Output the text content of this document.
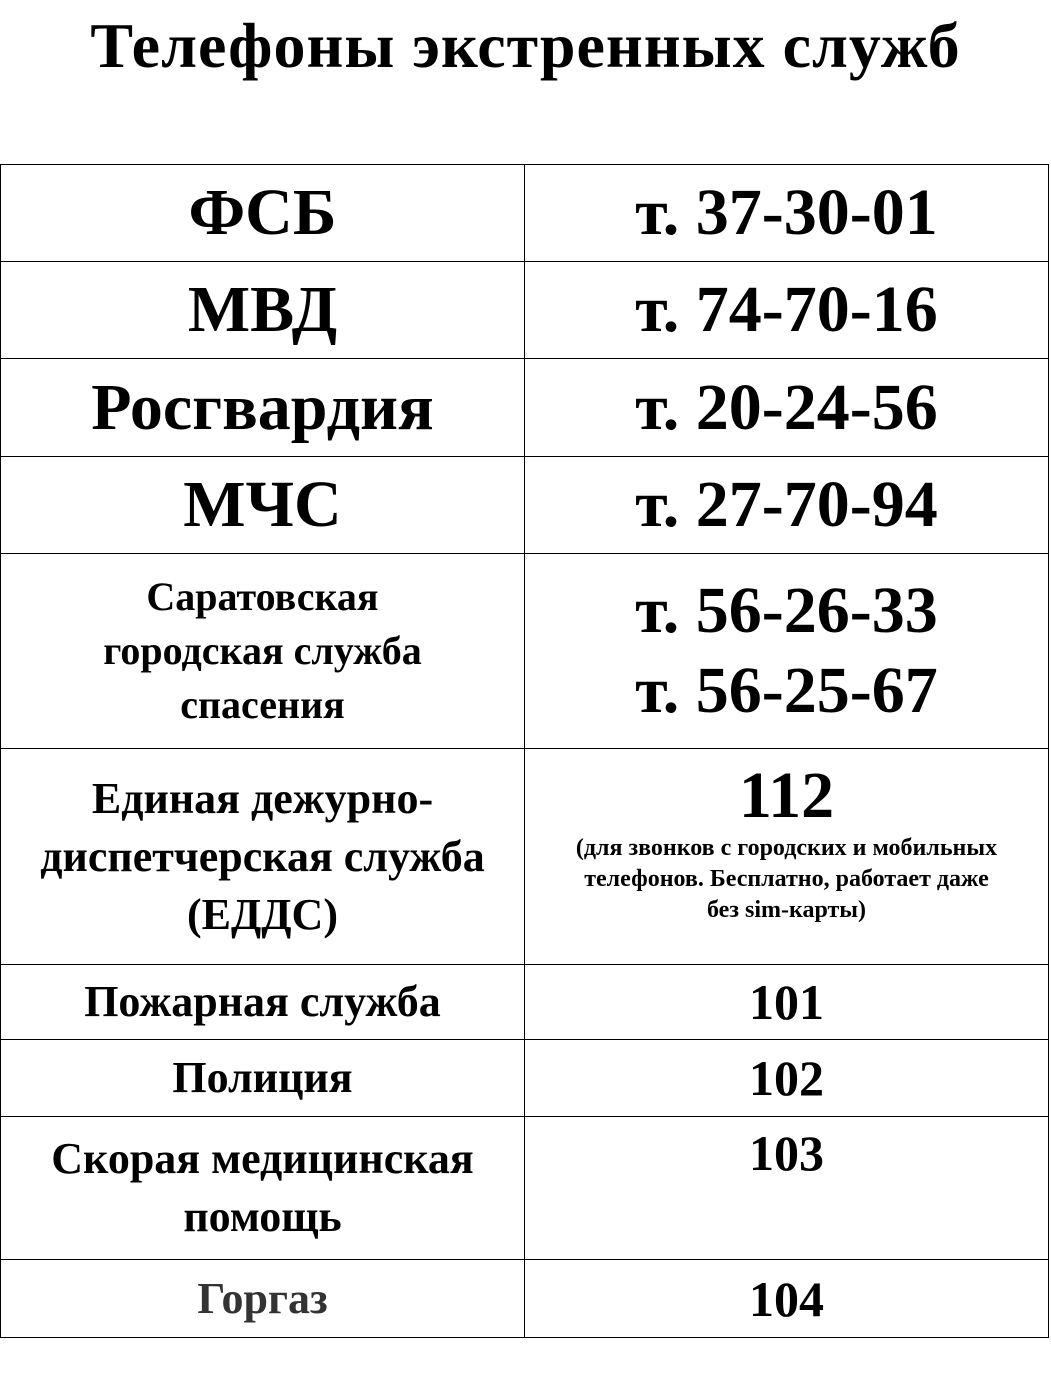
Телефоны экстренных служб
ФСБ	т. 37-30-01
МВД	т. 74-70-16
Росгвардия	т. 20-24-56
МЧС	т. 27-70-94

Саратовская
городская служба
спасения	т. 56-26-33
т. 56-25-67

Единая дежурно-
диспетчерская служба
(ЕДДС)	112
(для звонков с городских и мобильных
телефонов. Бесплатно, работает даже
без sim-карты)

Пожарная служба	101
Полиция	102

Скорая медицинская
помощь	103

Горгаз	104
